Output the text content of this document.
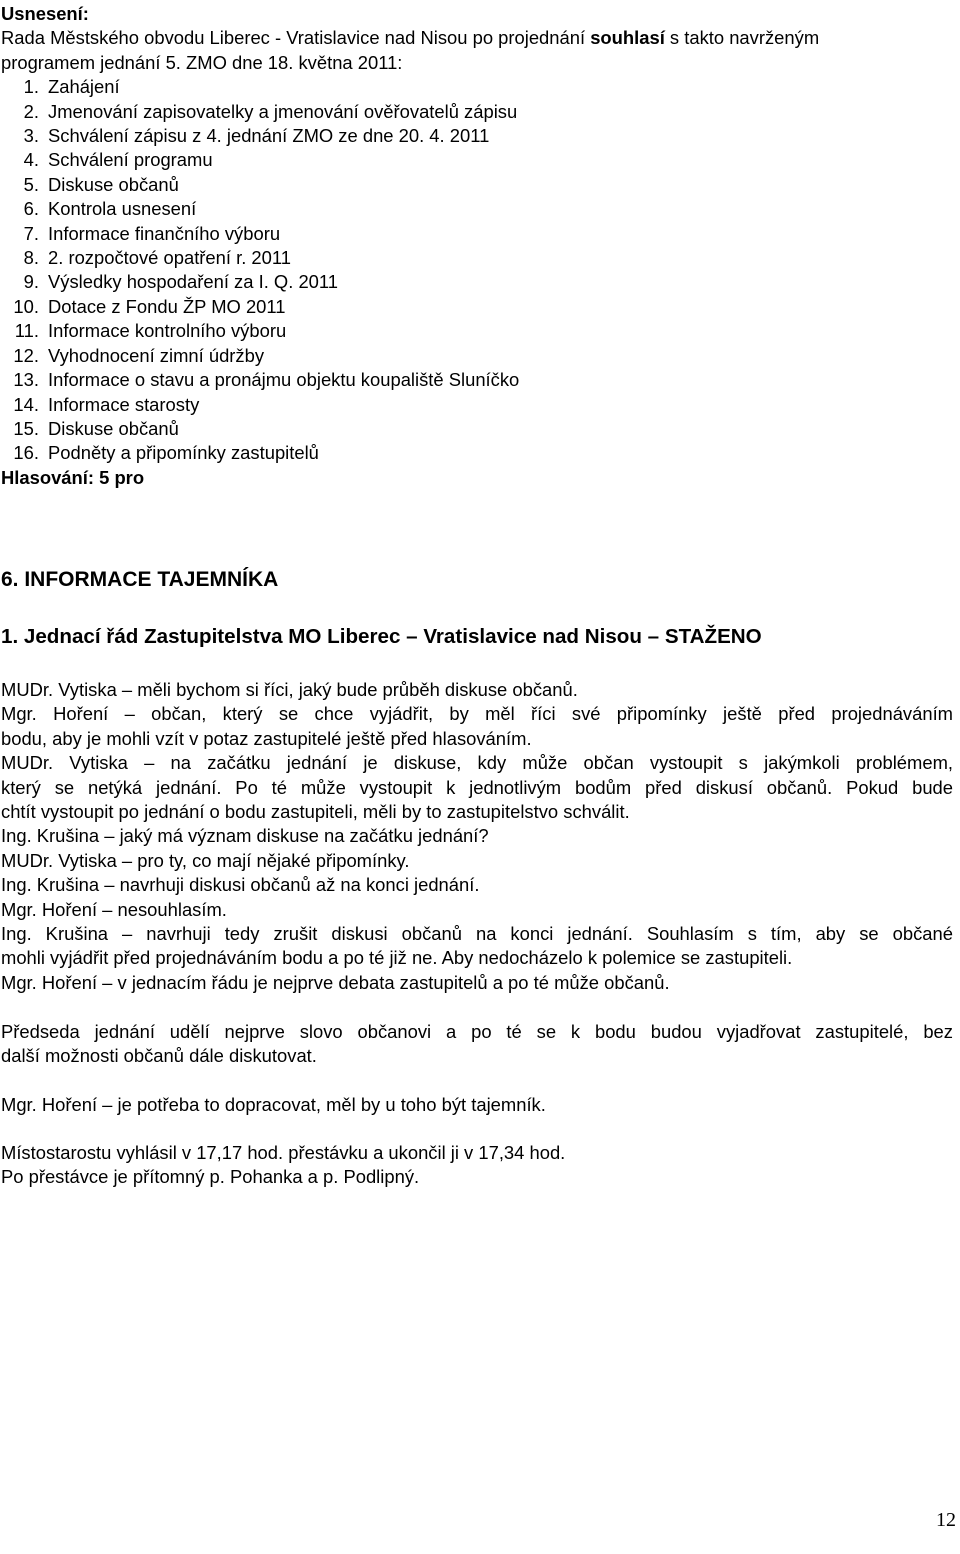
Usnesení:
Rada Městského obvodu Liberec - Vratislavice nad Nisou po projednání souhlasí s takto navrženým
programem jednání 5. ZMO dne 18. května 2011:
1. Zahájení
2. Jmenování zapisovatelky a jmenování ověřovatelů zápisu
3. Schválení zápisu z 4. jednání ZMO ze dne 20. 4. 2011
4. Schválení programu
5. Diskuse občanů
6. Kontrola usnesení
7. Informace finančního výboru
8. 2. rozpočtové opatření r. 2011
9. Výsledky hospodaření za I. Q. 2011
10. Dotace z Fondu ŽP MO 2011
11. Informace kontrolního výboru
12. Vyhodnocení zimní údržby
13. Informace o stavu a pronájmu objektu koupaliště Sluníčko
14. Informace starosty
15. Diskuse občanů
16. Podněty a připomínky zastupitelů
Hlasování: 5 pro
6. INFORMACE TAJEMNÍKA
1. Jednací řád Zastupitelstva MO Liberec – Vratislavice nad Nisou – STAŽENO
MUDr. Vytiska – měli bychom si říci, jaký bude průběh diskuse občanů.
Mgr. Hoření – občan, který se chce vyjádřit, by měl říci své připomínky ještě před projednáváním
bodu, aby je mohli vzít v potaz zastupitelé ještě před hlasováním.
MUDr. Vytiska – na začátku jednání je diskuse, kdy může občan vystoupit s jakýmkoli problémem,
který se netýká jednání. Po té může vystoupit k jednotlivým bodům před diskusí občanů. Pokud bude
chtít vystoupit po jednání o bodu zastupiteli, měli by to zastupitelstvo schválit.
Ing. Krušina – jaký má význam diskuse na začátku jednání?
MUDr. Vytiska – pro ty, co mají nějaké připomínky.
Ing. Krušina – navrhuji diskusi občanů až na konci jednání.
Mgr. Hoření – nesouhlasím.
Ing. Krušina – navrhuji tedy zrušit diskusi občanů na konci jednání. Souhlasím s tím, aby se občané
mohli vyjádřit před projednáváním bodu a po té již ne. Aby nedocházelo k polemice se zastupiteli.
Mgr. Hoření – v jednacím řádu je nejprve debata zastupitelů a po té může občanů.
Předseda jednání udělí nejprve slovo občanovi a po té se k bodu budou vyjadřovat zastupitelé, bez
další možnosti občanů dále diskutovat.
Mgr. Hoření – je potřeba to dopracovat, měl by u toho být tajemník.
Místostarostu vyhlásil v 17,17 hod. přestávku a ukončil ji v 17,34 hod.
Po přestávce je přítomný p. Pohanka a p. Podlipný.
12
